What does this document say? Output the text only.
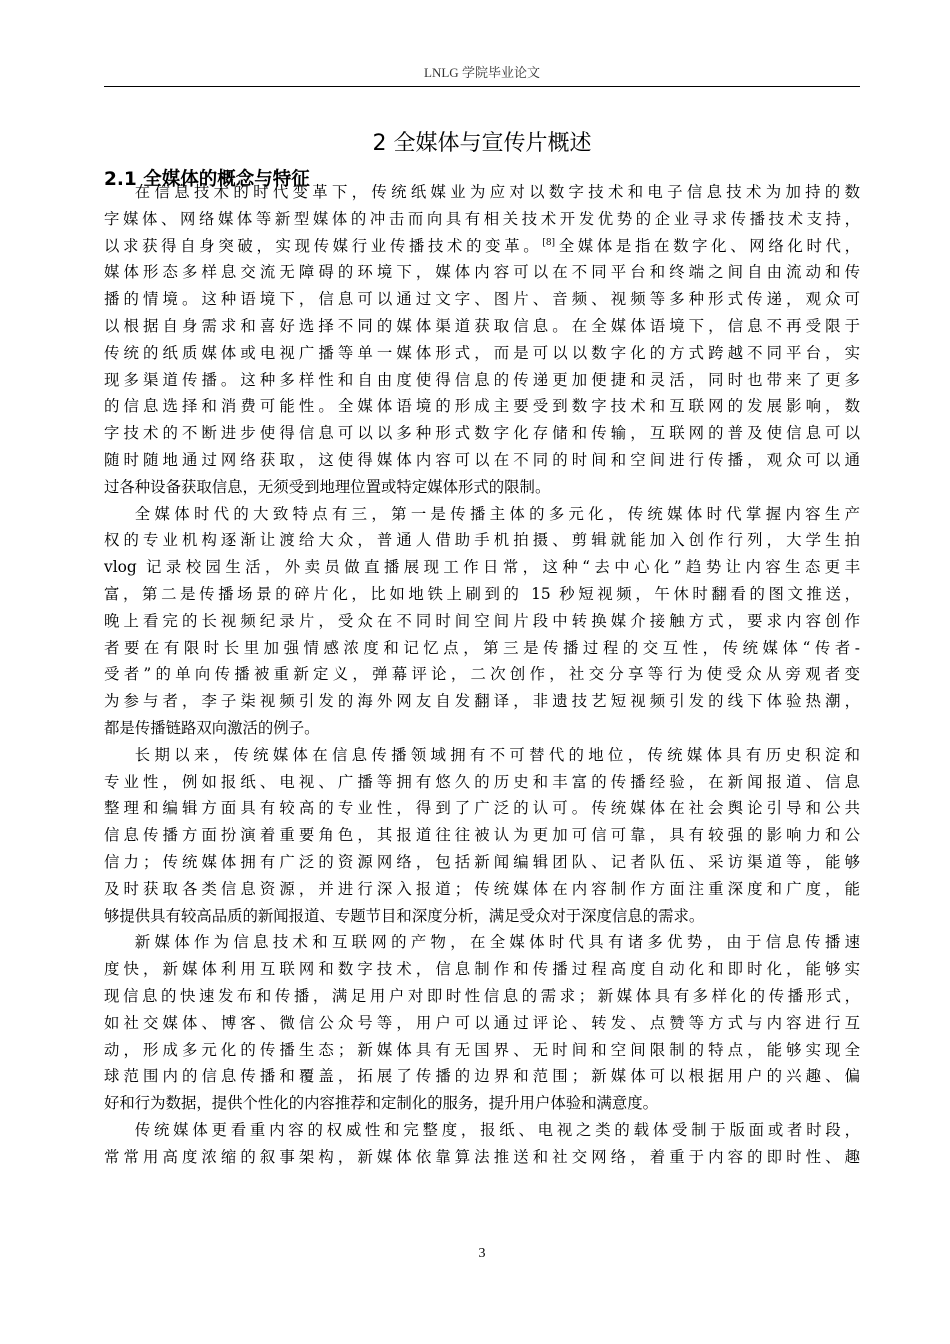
LNLG 学院毕业论文
2 全媒体与宣传片概述
2.1 全媒体的概念与特征

在信息技术的时代变革下，传统纸媒业为应对以数字技术和电子信息技术为加持的数
字媒体、网络媒体等新型媒体的冲击而向具有相关技术开发优势的企业寻求传播技术支持，
以求获得自身突破，实现传媒行业传播技术的变革。[8]全媒体是指在数字化、网络化时代，
媒体形态多样息交流无障碍的环境下，媒体内容可以在不同平台和终端之间自由流动和传
播的情境。这种语境下，信息可以通过文字、图片、音频、视频等多种形式传递，观众可
以根据自身需求和喜好选择不同的媒体渠道获取信息。在全媒体语境下，信息不再受限于
传统的纸质媒体或电视广播等单一媒体形式，而是可以以数字化的方式跨越不同平台，实
现多渠道传播。这种多样性和自由度使得信息的传递更加便捷和灵活，同时也带来了更多
的信息选择和消费可能性。全媒体语境的形成主要受到数字技术和互联网的发展影响，数
字技术的不断进步使得信息可以以多种形式数字化存储和传输，互联网的普及使信息可以
随时随地通过网络获取，这使得媒体内容可以在不同的时间和空间进行传播，观众可以通
过各种设备获取信息，无须受到地理位置或特定媒体形式的限制。

全媒体时代的大致特点有三，第一是传播主体的多元化，传统媒体时代掌握内容生产
权的专业机构逐渐让渡给大众，普通人借助手机拍摄、剪辑就能加入创作行列，大学生拍
vlog 记录校园生活，外卖员做直播展现工作日常，这种“去中心化”趋势让内容生态更丰
富，第二是传播场景的碎片化，比如地铁上刷到的 15 秒短视频，午休时翻看的图文推送，
晚上看完的长视频纪录片，受众在不同时间空间片段中转换媒介接触方式，要求内容创作
者要在有限时长里加强情感浓度和记忆点，第三是传播过程的交互性，传统媒体“传者-
受者”的单向传播被重新定义，弹幕评论，二次创作，社交分享等行为使受众从旁观者变
为参与者，李子柒视频引发的海外网友自发翻译，非遗技艺短视频引发的线下体验热潮，
都是传播链路双向激活的例子。

长期以来，传统媒体在信息传播领域拥有不可替代的地位，传统媒体具有历史积淀和
专业性，例如报纸、电视、广播等拥有悠久的历史和丰富的传播经验，在新闻报道、信息
整理和编辑方面具有较高的专业性，得到了广泛的认可。传统媒体在社会舆论引导和公共
信息传播方面扮演着重要角色，其报道往往被认为更加可信可靠，具有较强的影响力和公
信力；传统媒体拥有广泛的资源网络，包括新闻编辑团队、记者队伍、采访渠道等，能够
及时获取各类信息资源，并进行深入报道；传统媒体在内容制作方面注重深度和广度，能
够提供具有较高品质的新闻报道、专题节目和深度分析，满足受众对于深度信息的需求。

新媒体作为信息技术和互联网的产物，在全媒体时代具有诸多优势，由于信息传播速
度快，新媒体利用互联网和数字技术，信息制作和传播过程高度自动化和即时化，能够实
现信息的快速发布和传播，满足用户对即时性信息的需求；新媒体具有多样化的传播形式，
如社交媒体、博客、微信公众号等，用户可以通过评论、转发、点赞等方式与内容进行互
动，形成多元化的传播生态；新媒体具有无国界、无时间和空间限制的特点，能够实现全
球范围内的信息传播和覆盖，拓展了传播的边界和范围；新媒体可以根据用户的兴趣、偏
好和行为数据，提供个性化的内容推荐和定制化的服务，提升用户体验和满意度。

传统媒体更看重内容的权威性和完整度，报纸、电视之类的载体受制于版面或者时段，
常常用高度浓缩的叙事架构，新媒体依靠算法推送和社交网络，着重于内容的即时性、趣

3
